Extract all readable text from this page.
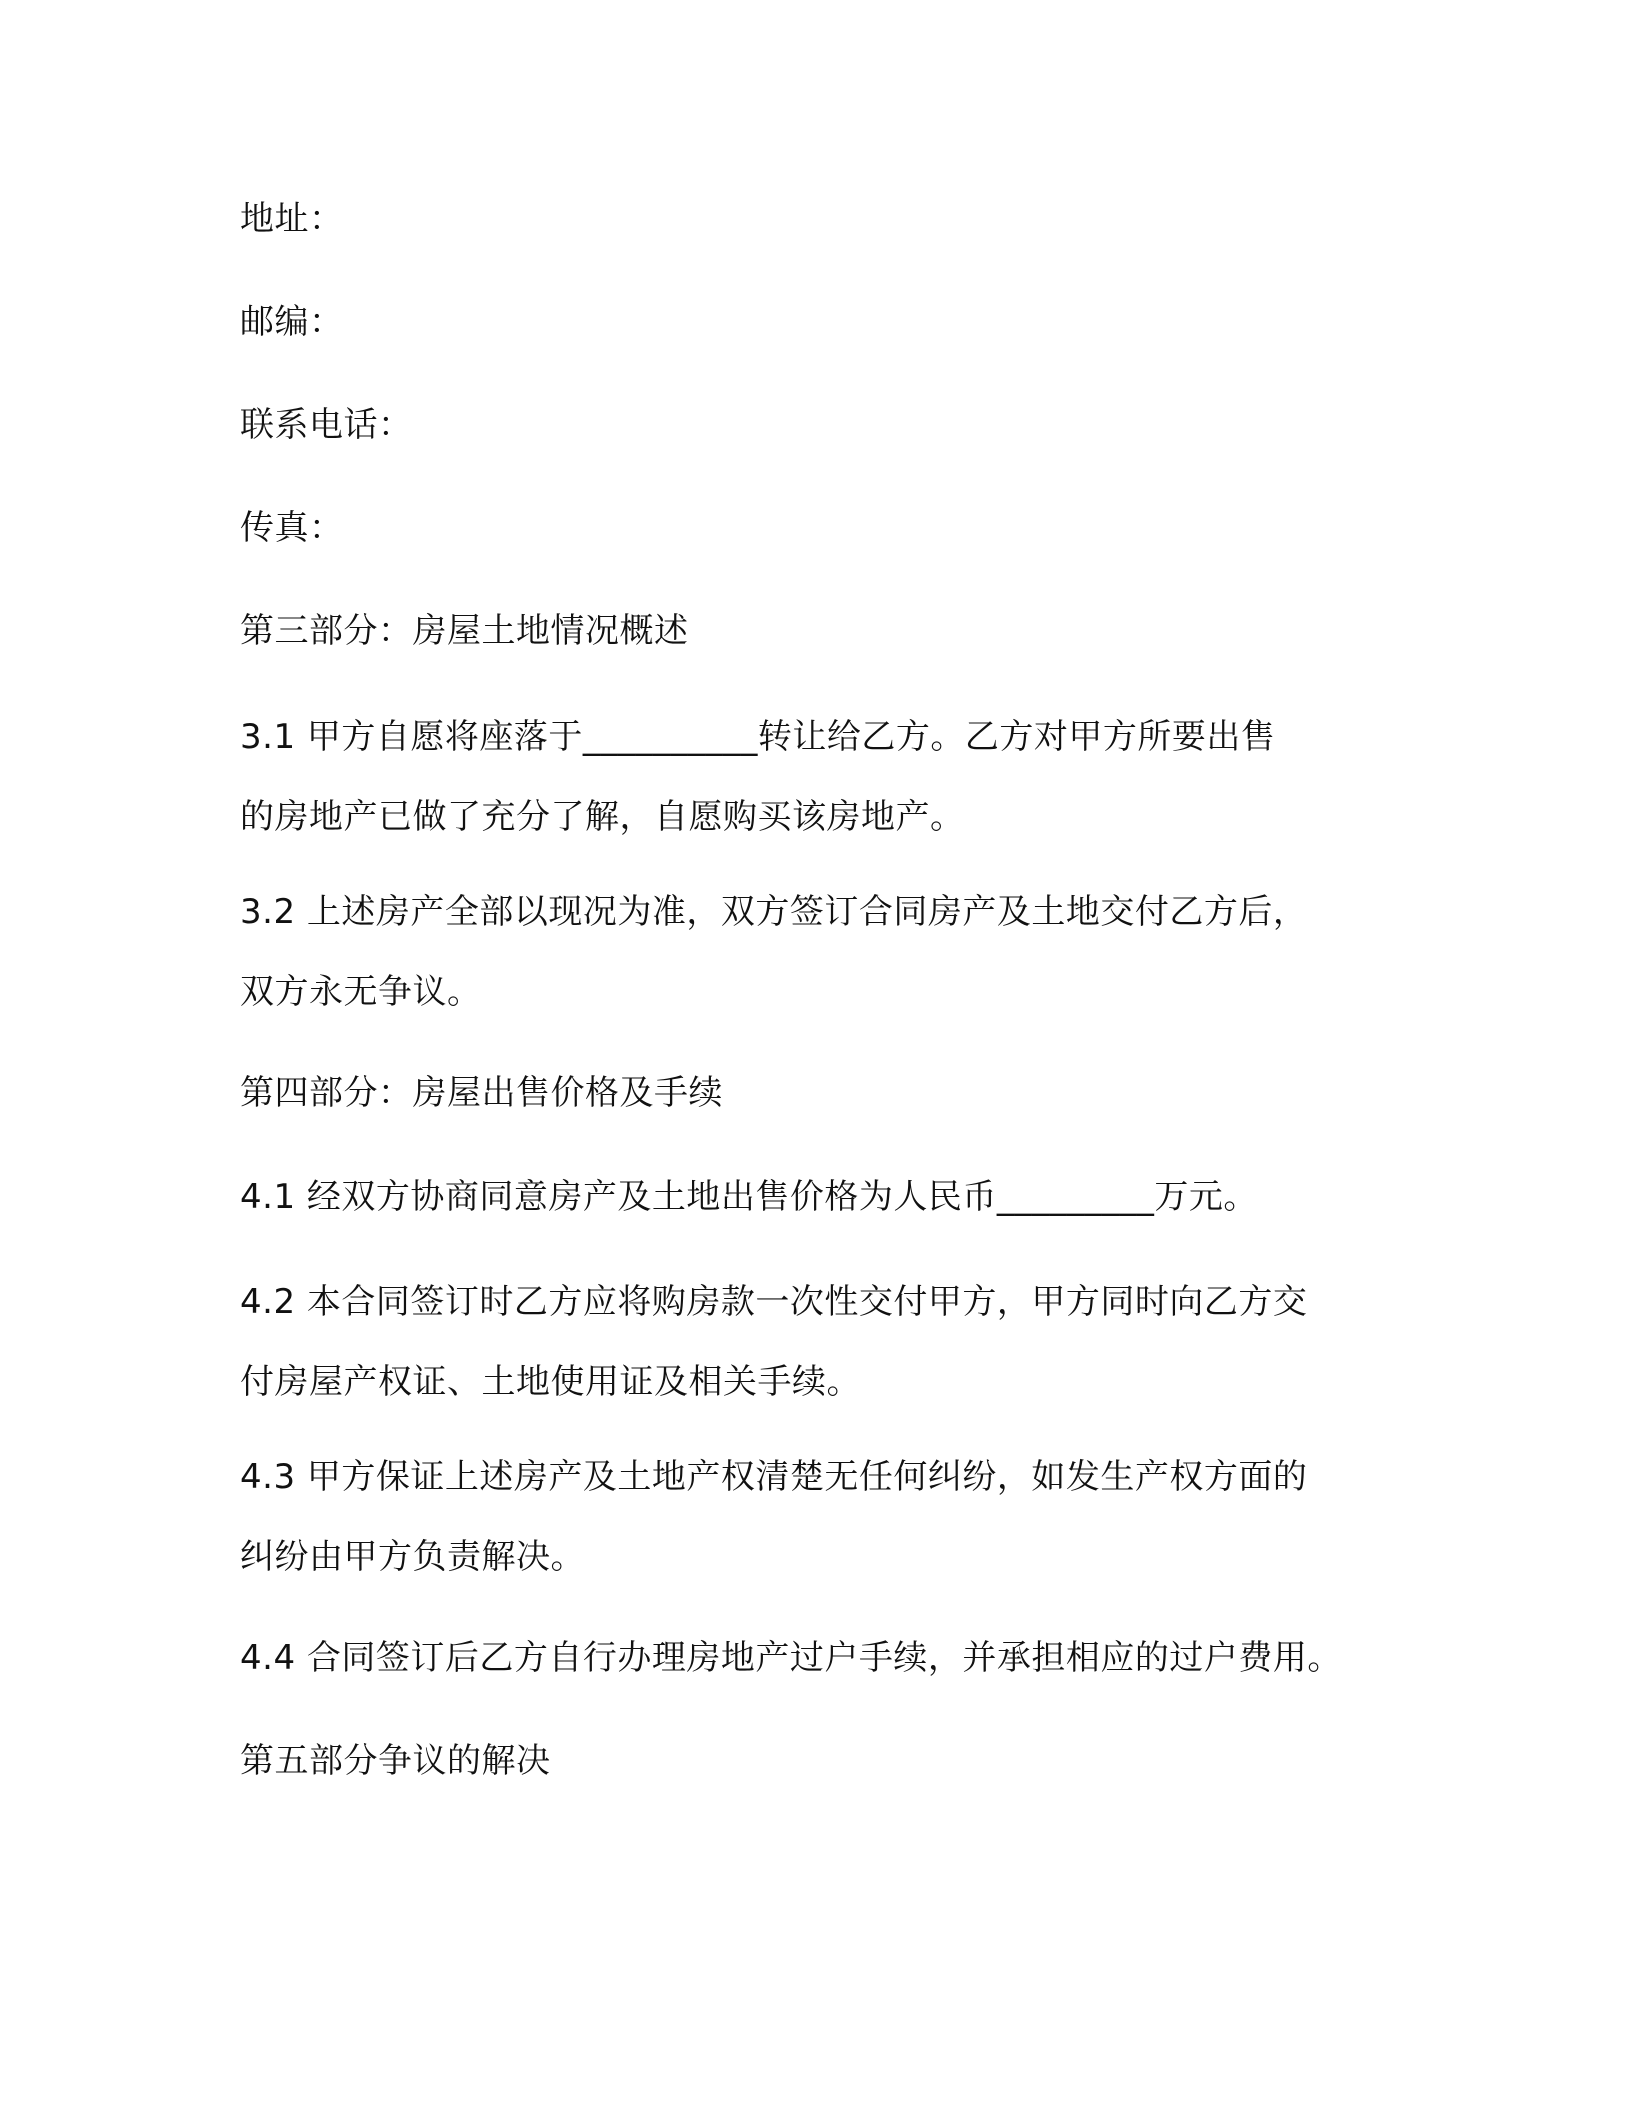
地址：
邮编：
联系电话：
传真：
第三部分：房屋土地情况概述
3.1 甲方自愿将座落于__________转让给乙方。乙方对甲方所要出售
的房地产已做了充分了解，自愿购买该房地产。
3.2 上述房产全部以现况为准，双方签订合同房产及土地交付乙方后，
双方永无争议。
第四部分：房屋出售价格及手续
4.1 经双方协商同意房产及土地出售价格为人民币_________万元。
4.2 本合同签订时乙方应将购房款一次性交付甲方，甲方同时向乙方交
付房屋产权证、土地使用证及相关手续。
4.3 甲方保证上述房产及土地产权清楚无任何纠纷，如发生产权方面的
纠纷由甲方负责解决。
4.4 合同签订后乙方自行办理房地产过户手续，并承担相应的过户费用。
第五部分争议的解决
